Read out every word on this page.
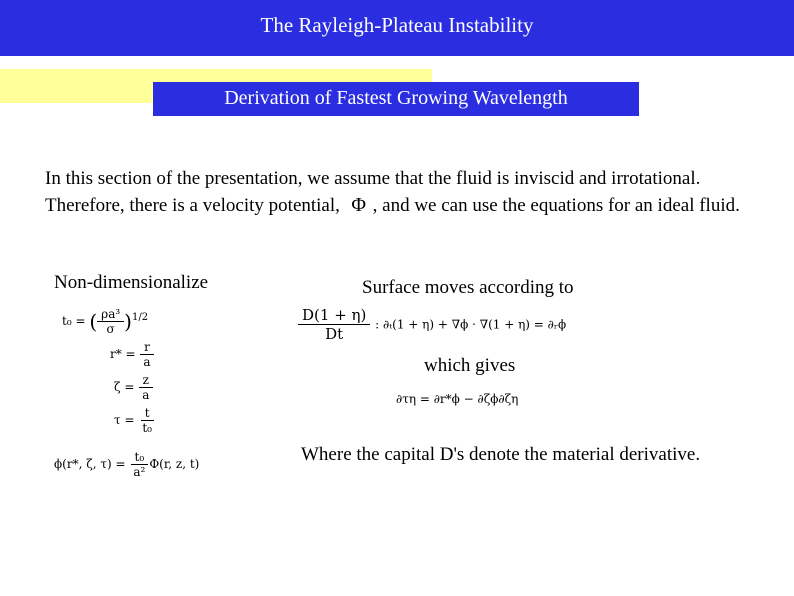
The Rayleigh-Plateau Instability
Derivation of Fastest Growing Wavelength
In this section of the presentation, we assume that the fluid is inviscid and irrotational. Therefore, there is a velocity potential, Φ , and we can use the equations for an ideal fluid.
Non-dimensionalize
t₀ = ( $\frac{\text{ρa³}}{\sigma} )^{1/2}$
$r* = \frac{r}{a}$
$\zeta = \frac{z}{a}$
$\tau = \frac{t}{\text{t₀}}$
ϕ(r*, ζ, $\tau) = \frac{\text{t₀}}{\text{a²}} \Phi(r$, z, t)
Surface moves according to
$\frac{D(1 + \eta)}{Dt}$ : ∂ₜ(1 + η) + ∇ϕ · ∇(1 + η) = ∂ᵣϕ
which gives
∂τη = ∂r*ϕ − ∂ζϕ∂ζη
Where the capital D's denote the material derivative.
